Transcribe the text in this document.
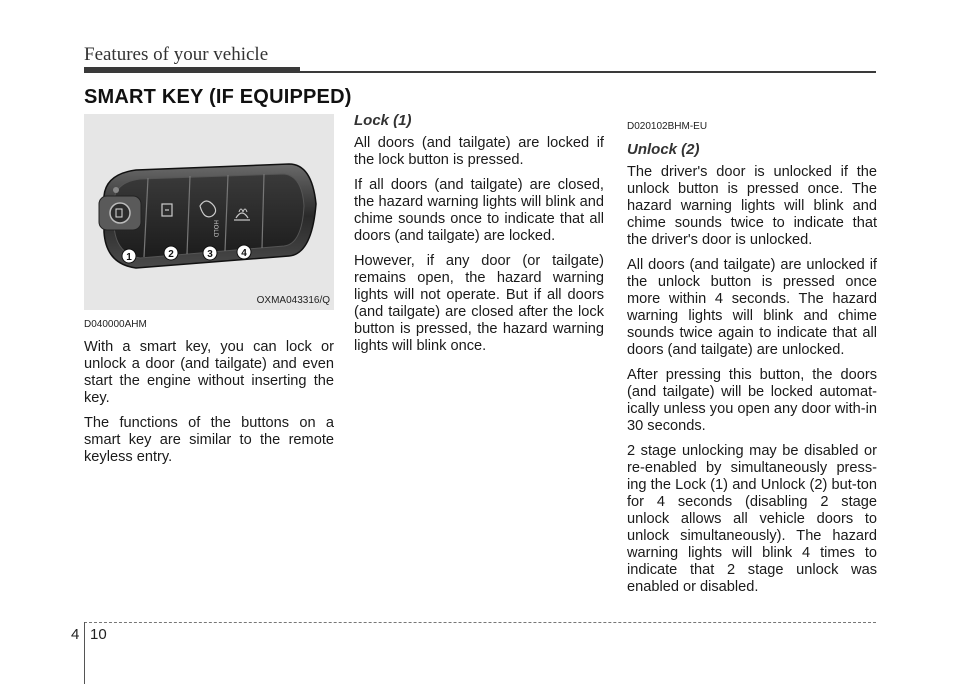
Features of your vehicle
SMART KEY (IF EQUIPPED)
HOLD
1	2	3	4
OXMA043316/Q
D040000AHM

With a smart key, you can lock or unlock a door (and tailgate) and even start the engine without inserting the key.

The functions of the buttons on a smart key are similar to the remote keyless entry.

Lock (1)

All doors (and tailgate) are locked if the lock button is pressed.

If all doors (and tailgate) are closed, the hazard warning lights will blink and chime sounds once to indicate that all doors (and tailgate) are locked.

However, if any door (or tailgate) remains open, the hazard warning lights will not operate. But if all doors (and tailgate) are closed after the lock button is pressed, the hazard warning lights will blink once.

D020102BHM-EU
Unlock (2)

The driver's door is unlocked if the unlock button is pressed once. The hazard warning lights will blink and chime sounds twice to indicate that the driver's door is unlocked.

All doors (and tailgate) are unlocked if the unlock button is pressed once more within 4 seconds. The hazard warning lights will blink and chime sounds twice again to indicate that all doors (and tailgate) are unlocked.

After pressing this button, the doors (and tailgate) will be locked automat-ically unless you open any door with-in 30 seconds.

2 stage unlocking may be disabled or re-enabled by simultaneously press-ing the Lock (1) and Unlock (2) but-ton for 4 seconds (disabling 2 stage unlock allows all vehicle doors to unlock simultaneously). The hazard warning lights will blink 4 times to indicate that 2 stage unlock was enabled or disabled.

4 10
